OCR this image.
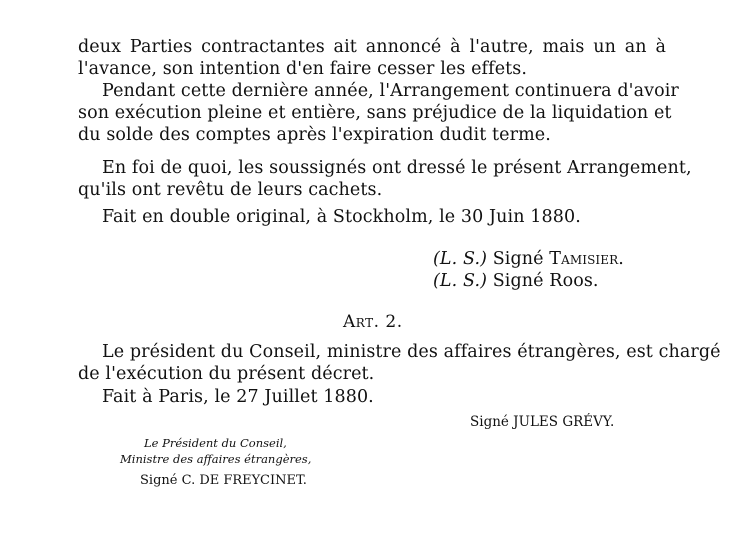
deux Parties contractantes ait annoncé à l'autre, mais un an à
l'avance, son intention d'en faire cesser les effets.
Pendant cette dernière année, l'Arrangement continuera d'avoir
son exécution pleine et entière, sans préjudice de la liquidation et
du solde des comptes après l'expiration dudit terme.
En foi de quoi, les soussignés ont dressé le présent Arrangement,
qu'ils ont revêtu de leurs cachets.
Fait en double original, à Stockholm, le 30 Juin 1880.
(L. S.) Signé Tamisier.
(L. S.) Signé Roos.
Art. 2.
Le président du Conseil, ministre des affaires étrangères, est chargé
de l'exécution du présent décret.
Fait à Paris, le 27 Juillet 1880.
Signé JULES GRÉVY.
Le Président du Conseil,
Ministre des affaires étrangères,
Signé C. DE FREYCINET.
